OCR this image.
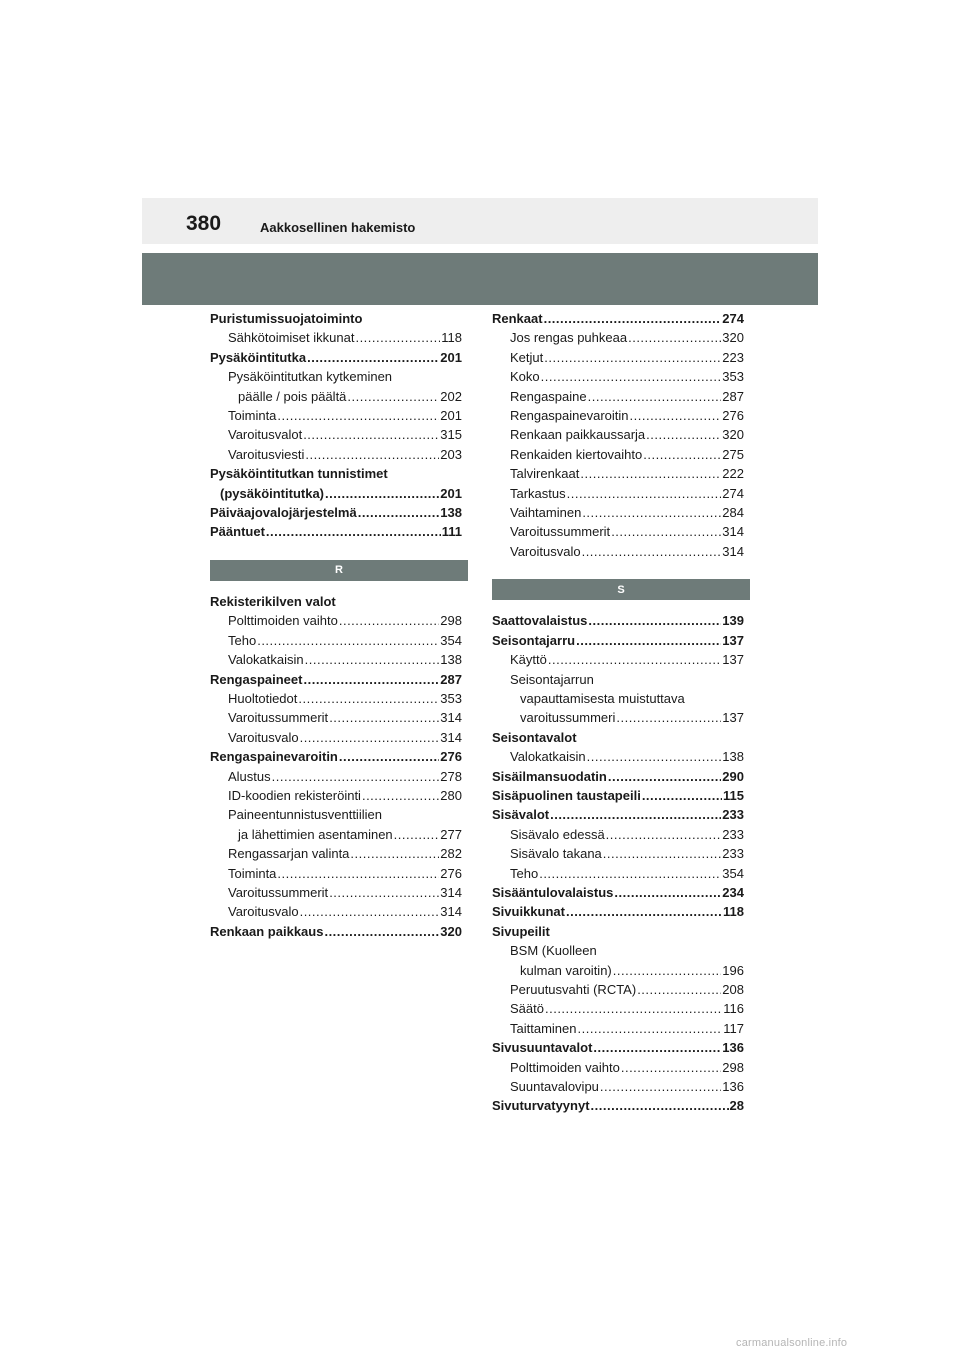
380	Aakkosellinen hakemisto
Puristumissuojatoiminto
Sähkötoimiset ikkunat .....	118
Pysäköintitutka .....	201
Pysäköintitutkan kytkeminen
päälle / pois päältä .....	202
Toiminta .....	201
Varoitusvalot .....	315
Varoitusviesti .....	203
Pysäköintitutkan tunnistimet
(pysäköintitutka) .....	201
Päiväajovalojärjestelmä .....	138
Pääntuet .....	111
R
Rekisterikilven valot
Polttimoiden vaihto .....	298
Teho .....	354
Valokatkaisin .....	138
Rengaspaineet .....	287
Huoltotiedot .....	353
Varoitussummerit .....	314
Varoitusvalo .....	314
Rengaspainevaroitin .....	276
Alustus .....	278
ID-koodien rekisteröinti .....	280
Paineentunnistusventtiilien
ja lähettimien asentaminen .....	277
Rengassarjan valinta .....	282
Toiminta .....	276
Varoitussummerit .....	314
Varoitusvalo .....	314
Renkaan paikkaus .....	320
Renkaat .....	274
Jos rengas puhkeaa .....	320
Ketjut .....	223
Koko .....	353
Rengaspaine .....	287
Rengaspainevaroitin .....	276
Renkaan paikkaussarja .....	320
Renkaiden kiertovaihto .....	275
Talvirenkaat .....	222
Tarkastus .....	274
Vaihtaminen .....	284
Varoitussummerit .....	314
Varoitusvalo .....	314
S
Saattovalaistus .....	139
Seisontajarru .....	137
Käyttö .....	137
Seisontajarrun
vapauttamisesta muistuttava
varoitussummeri .....	137
Seisontavalot
Valokatkaisin .....	138
Sisäilmansuodatin .....	290
Sisäpuolinen taustapeili .....	115
Sisävalot .....	233
Sisävalo edessä .....	233
Sisävalo takana .....	233
Teho .....	354
Sisääntulovalaistus .....	234
Sivuikkunat .....	118
Sivupeilit
BSM (Kuolleen
kulman varoitin) .....	196
Peruutusvahti (RCTA) .....	208
Säätö .....	116
Taittaminen .....	117
Sivusuuntavalot .....	136
Polttimoiden vaihto .....	298
Suuntavalovipu .....	136
Sivuturvatyynyt .....	28
carmanualsonline.info
